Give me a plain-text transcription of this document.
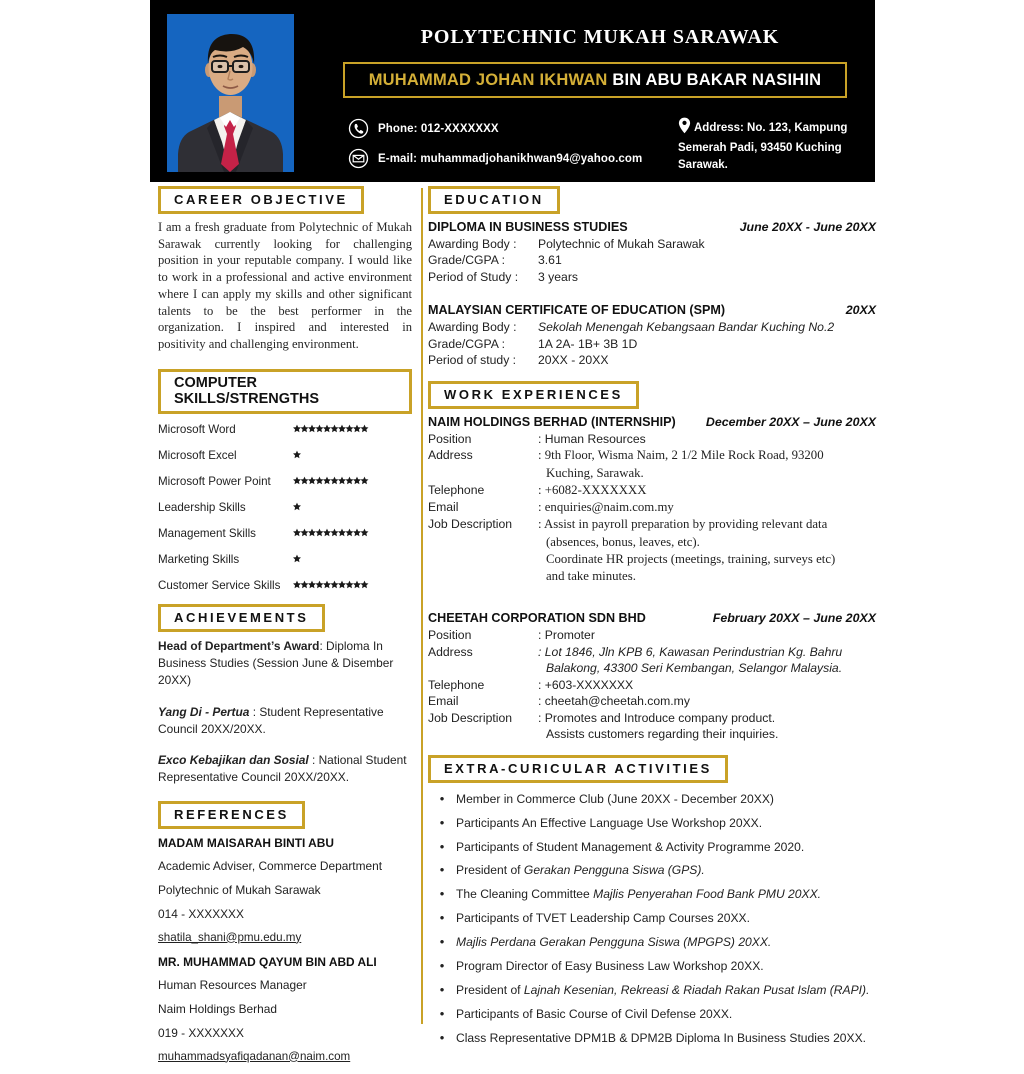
POLYTECHNIC MUKAH SARAWAK
MUHAMMAD JOHAN IKHWAN BIN ABU BAKAR NASIHIN
Phone: 012-XXXXXXX
E-mail: muhammadjohanikhwan94@yahoo.com
Address: No. 123, Kampung Semerah Padi, 93450 Kuching Sarawak.
CAREER OBJECTIVE
I am a fresh graduate from Polytechnic of Mukah Sarawak currently looking for challenging position in your reputable company. I would like to work in a professional and active environment where I can apply my skills and other significant talents to be the best performer in the organization. I inspired and interested in positivity and challenging environment.
COMPUTER SKILLS/STRENGTHS
Microsoft Word	🟊🟊🟊🟊🟊🟊🟊🟊🟊🟊
Microsoft Excel	🟊
Microsoft Power Point	🟊🟊🟊🟊🟊🟊🟊🟊🟊🟊
Leadership Skills	🟊
Management Skills	🟊🟊🟊🟊🟊🟊🟊🟊🟊🟊
Marketing Skills	🟊
Customer Service Skills	🟊🟊🟊🟊🟊🟊🟊🟊🟊🟊
ACHIEVEMENTS
Head of Department’s Award: Diploma In Business Studies (Session June & Disember 20XX)
Yang Di - Pertua : Student Representative Council 20XX/20XX.
Exco Kebajikan dan Sosial : National Student Representative Council 20XX/20XX.
REFERENCES
MADAM MAISARAH BINTI ABU
Academic Adviser, Commerce Department
Polytechnic of Mukah Sarawak
014 - XXXXXXX
shatila_shani@pmu.edu.my
MR. MUHAMMAD QAYUM BIN ABD ALI
Human Resources Manager
Naim Holdings Berhad
019 - XXXXXXX
muhammadsyafiqadanan@naim.com
EDUCATION
DIPLOMA IN BUSINESS STUDIES	June 20XX - June 20XX
Awarding Body :	Polytechnic of Mukah Sarawak
Grade/CGPA :	3.61
Period of Study :	3 years
MALAYSIAN CERTIFICATE OF EDUCATION (SPM)	20XX
Awarding Body :	Sekolah Menengah Kebangsaan Bandar Kuching No.2
Grade/CGPA :	1A 2A- 1B+ 3B 1D
Period of study :	20XX - 20XX
WORK EXPERIENCES
NAIM HOLDINGS BERHAD (INTERNSHIP) December 20XX – June 20XX
Position	: Human Resources
Address	: 9th Floor, Wisma Naim, 2 1/2 Mile Rock Road, 93200
Kuching, Sarawak.
Telephone	: +6082-XXXXXXX
Email	: enquiries@naim.com.my
Job Description	: Assist in payroll preparation by providing relevant data
(absences, bonus, leaves, etc).
Coordinate HR projects (meetings, training, surveys etc)
and take minutes.
CHEETAH CORPORATION SDN BHD	February 20XX – June 20XX
Position	: Promoter
Address	: Lot 1846, Jln KPB 6, Kawasan Perindustrian Kg. Bahru
Balakong, 43300 Seri Kembangan, Selangor Malaysia.
Telephone	: +603-XXXXXXX
Email	: cheetah@cheetah.com.my
Job Description	: Promotes and Introduce company product.
Assists customers regarding their inquiries.
EXTRA-CURICULAR ACTIVITIES
• Member in Commerce Club (June 20XX - December 20XX)
• Participants An Effective Language Use Workshop 20XX.
• Participants of Student Management & Activity Programme 2020.
• President of Gerakan Pengguna Siswa (GPS).
• The Cleaning Committee Majlis Penyerahan Food Bank PMU 20XX.
• Participants of TVET Leadership Camp Courses 20XX.
• Majlis Perdana Gerakan Pengguna Siswa (MPGPS) 20XX.
• Program Director of Easy Business Law Workshop 20XX.
• President of Lajnah Kesenian, Rekreasi & Riadah Rakan Pusat Islam (RAPI).
• Participants of Basic Course of Civil Defense 20XX.
• Class Representative DPM1B & DPM2B Diploma In Business Studies 20XX.
